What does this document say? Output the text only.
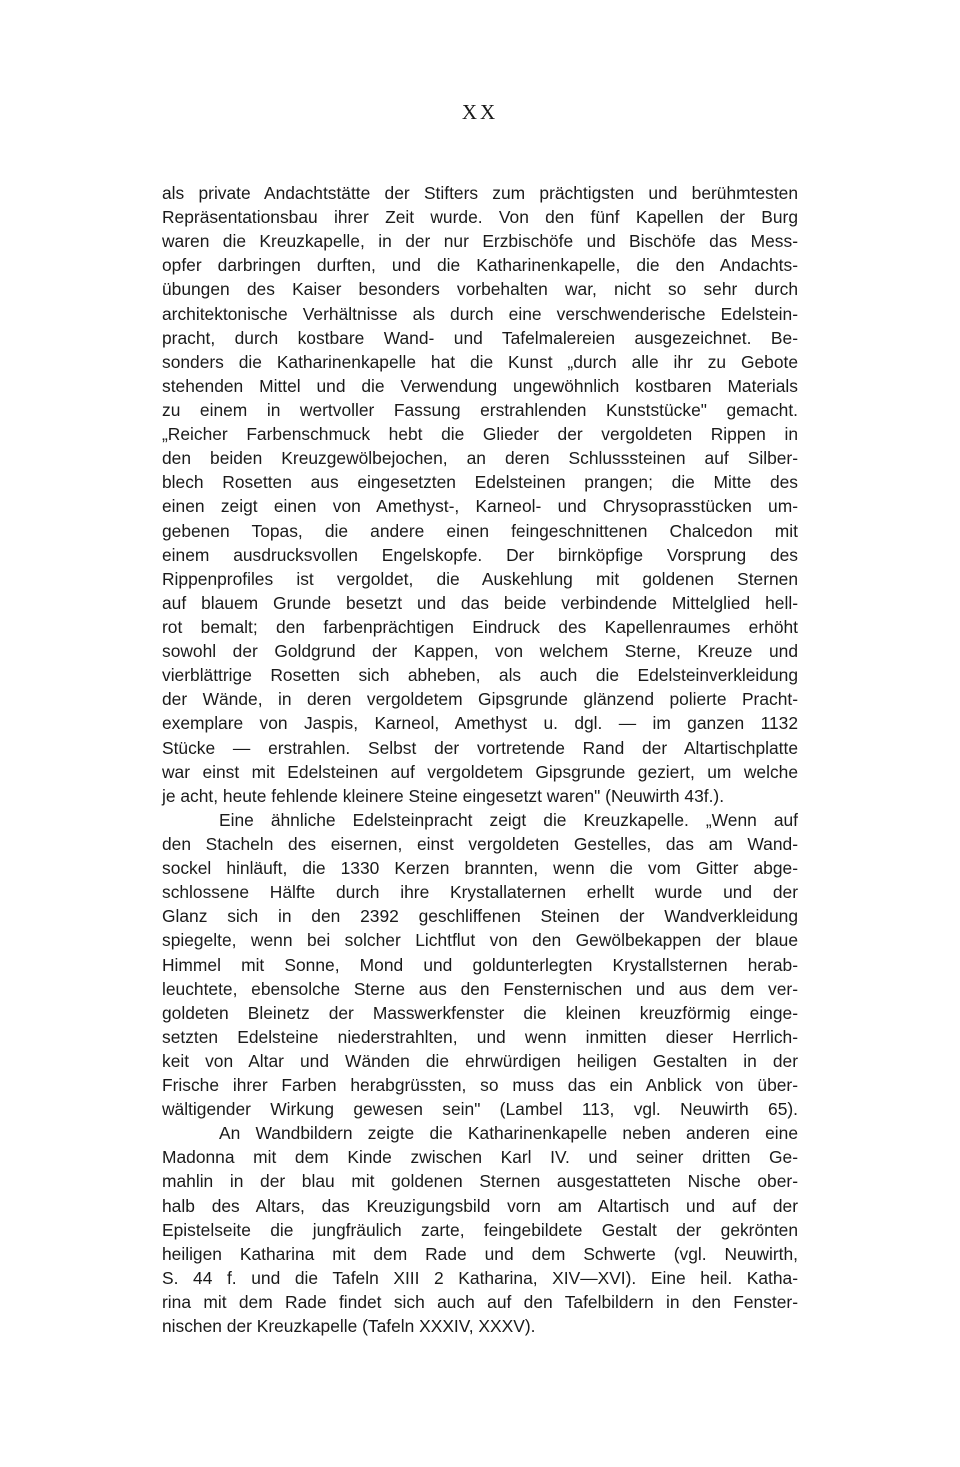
XX
als private Andachtstätte der Stifters zum prächtigsten und berühmtesten
Repräsentationsbau ihrer Zeit wurde. Von den fünf Kapellen der Burg
waren die Kreuzkapelle, in der nur Erzbischöfe und Bischöfe das Mess-
opfer darbringen durften, und die Katharinenkapelle, die den Andachts-
übungen des Kaiser besonders vorbehalten war, nicht so sehr durch
architektonische Verhältnisse als durch eine verschwenderische Edelstein-
pracht, durch kostbare Wand- und Tafelmalereien ausgezeichnet. Be-
sonders die Katharinenkapelle hat die Kunst „durch alle ihr zu Gebote
stehenden Mittel und die Verwendung ungewöhnlich kostbaren Materials
zu einem in wertvoller Fassung erstrahlenden Kunststücke" gemacht.
„Reicher Farbenschmuck hebt die Glieder der vergoldeten Rippen in
den beiden Kreuzgewölbejochen, an deren Schlusssteinen auf Silber-
blech Rosetten aus eingesetzten Edelsteinen prangen; die Mitte des
einen zeigt einen von Amethyst-, Karneol- und Chrysoprasstücken um-
gebenen Topas, die andere einen feingeschnittenen Chalcedon mit
einem ausdrucksvollen Engelskopfe. Der birnköpfige Vorsprung des
Rippenprofiles ist vergoldet, die Auskehlung mit goldenen Sternen
auf blauem Grunde besetzt und das beide verbindende Mittelglied hell-
rot bemalt; den farbenprächtigen Eindruck des Kapellenraumes erhöht
sowohl der Goldgrund der Kappen, von welchem Sterne, Kreuze und
vierblättrige Rosetten sich abheben, als auch die Edelsteinverkleidung
der Wände, in deren vergoldetem Gipsgrunde glänzend polierte Pracht-
exemplare von Jaspis, Karneol, Amethyst u. dgl. — im ganzen 1132
Stücke — erstrahlen. Selbst der vortretende Rand der Altartischplatte
war einst mit Edelsteinen auf vergoldetem Gipsgrunde geziert, um welche
je acht, heute fehlende kleinere Steine eingesetzt waren" (Neuwirth 43f.).
Eine ähnliche Edelsteinpracht zeigt die Kreuzkapelle. „Wenn auf
den Stacheln des eisernen, einst vergoldeten Gestelles, das am Wand-
sockel hinläuft, die 1330 Kerzen brannten, wenn die vom Gitter abge-
schlossene Hälfte durch ihre Krystallaternen erhellt wurde und der
Glanz sich in den 2392 geschliffenen Steinen der Wandverkleidung
spiegelte, wenn bei solcher Lichtflut von den Gewölbekappen der blaue
Himmel mit Sonne, Mond und goldunterlegten Krystallsternen herab-
leuchtete, ebensolche Sterne aus den Fensternischen und aus dem ver-
goldeten Bleinetz der Masswerkfenster die kleinen kreuzförmig einge-
setzten Edelsteine niederstrahlten, und wenn inmitten dieser Herrlich-
keit von Altar und Wänden die ehrwürdigen heiligen Gestalten in der
Frische ihrer Farben herabgrüssten, so muss das ein Anblick von über-
wältigender Wirkung gewesen sein" (Lambel 113, vgl. Neuwirth 65).
An Wandbildern zeigte die Katharinenkapelle neben anderen eine
Madonna mit dem Kinde zwischen Karl IV. und seiner dritten Ge-
mahlin in der blau mit goldenen Sternen ausgestatteten Nische ober-
halb des Altars, das Kreuzigungsbild vorn am Altartisch und auf der
Epistelseite die jungfräulich zarte, feingebildete Gestalt der gekrönten
heiligen Katharina mit dem Rade und dem Schwerte (vgl. Neuwirth,
S. 44 f. und die Tafeln XIII 2 Katharina, XIV—XVI). Eine heil. Katha-
rina mit dem Rade findet sich auch auf den Tafelbildern in den Fenster-
nischen der Kreuzkapelle (Tafeln XXXIV, XXXV).
